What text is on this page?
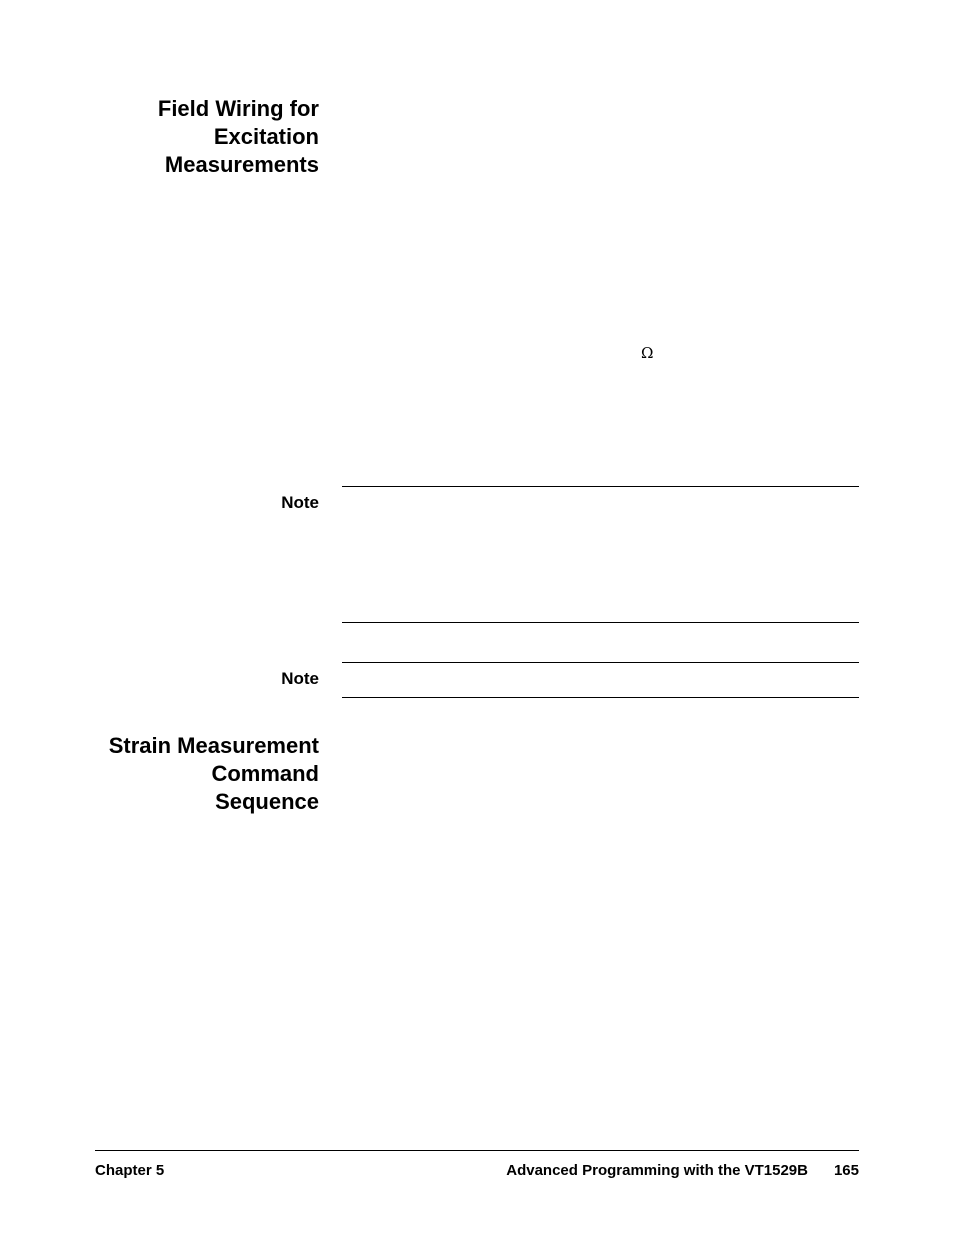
Field Wiring for
Excitation
Measurements
Ω
Note
Note
Strain Measurement
Command
Sequence
Chapter 5	Advanced Programming with the VT1529B 165
